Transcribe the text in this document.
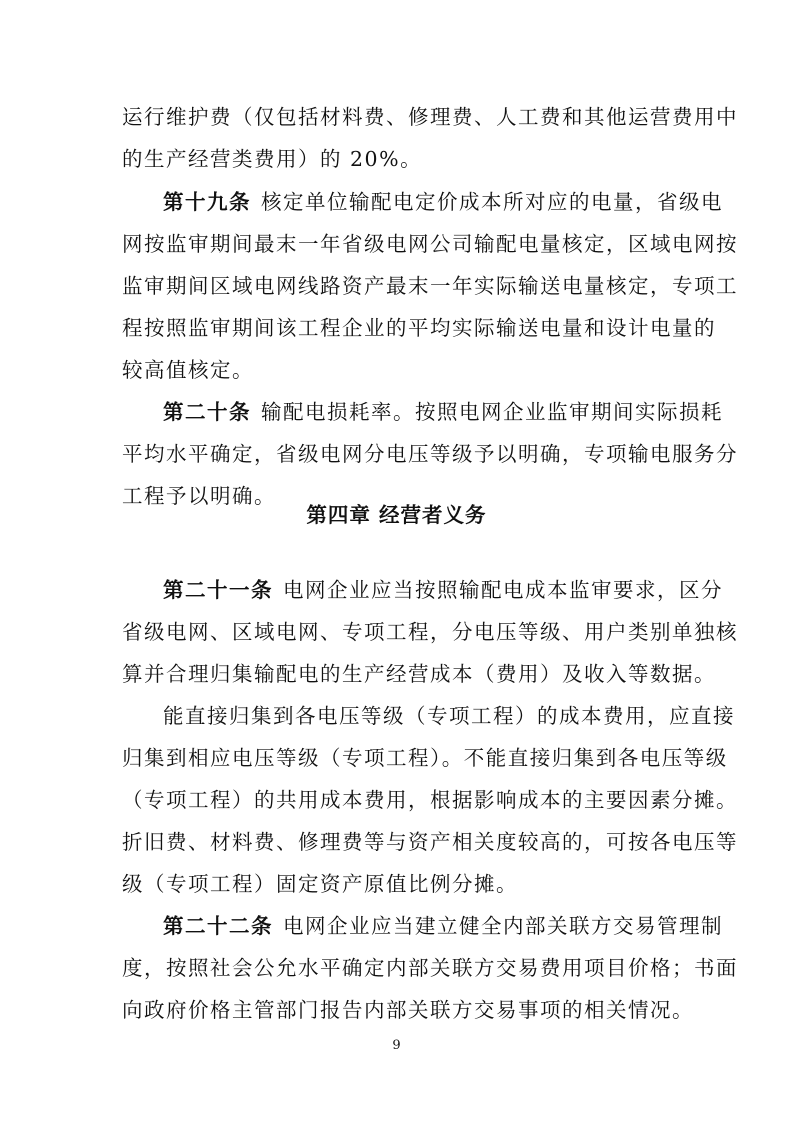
运行维护费（仅包括材料费、修理费、人工费和其他运营费用中
的生产经营类费用）的 20%。
第十九条 核定单位输配电定价成本所对应的电量，省级电
网按监审期间最末一年省级电网公司输配电量核定，区域电网按
监审期间区域电网线路资产最末一年实际输送电量核定，专项工
程按照监审期间该工程企业的平均实际输送电量和设计电量的
较高值核定。
第二十条 输配电损耗率。按照电网企业监审期间实际损耗
平均水平确定，省级电网分电压等级予以明确，专项输电服务分
工程予以明确。
第四章 经营者义务
第二十一条 电网企业应当按照输配电成本监审要求，区分
省级电网、区域电网、专项工程，分电压等级、用户类别单独核
算并合理归集输配电的生产经营成本（费用）及收入等数据。
能直接归集到各电压等级（专项工程）的成本费用，应直接
归集到相应电压等级（专项工程）。不能直接归集到各电压等级
（专项工程）的共用成本费用，根据影响成本的主要因素分摊。
折旧费、材料费、修理费等与资产相关度较高的，可按各电压等
级（专项工程）固定资产原值比例分摊。
第二十二条 电网企业应当建立健全内部关联方交易管理制
度，按照社会公允水平确定内部关联方交易费用项目价格；书面
向政府价格主管部门报告内部关联方交易事项的相关情况。
9
